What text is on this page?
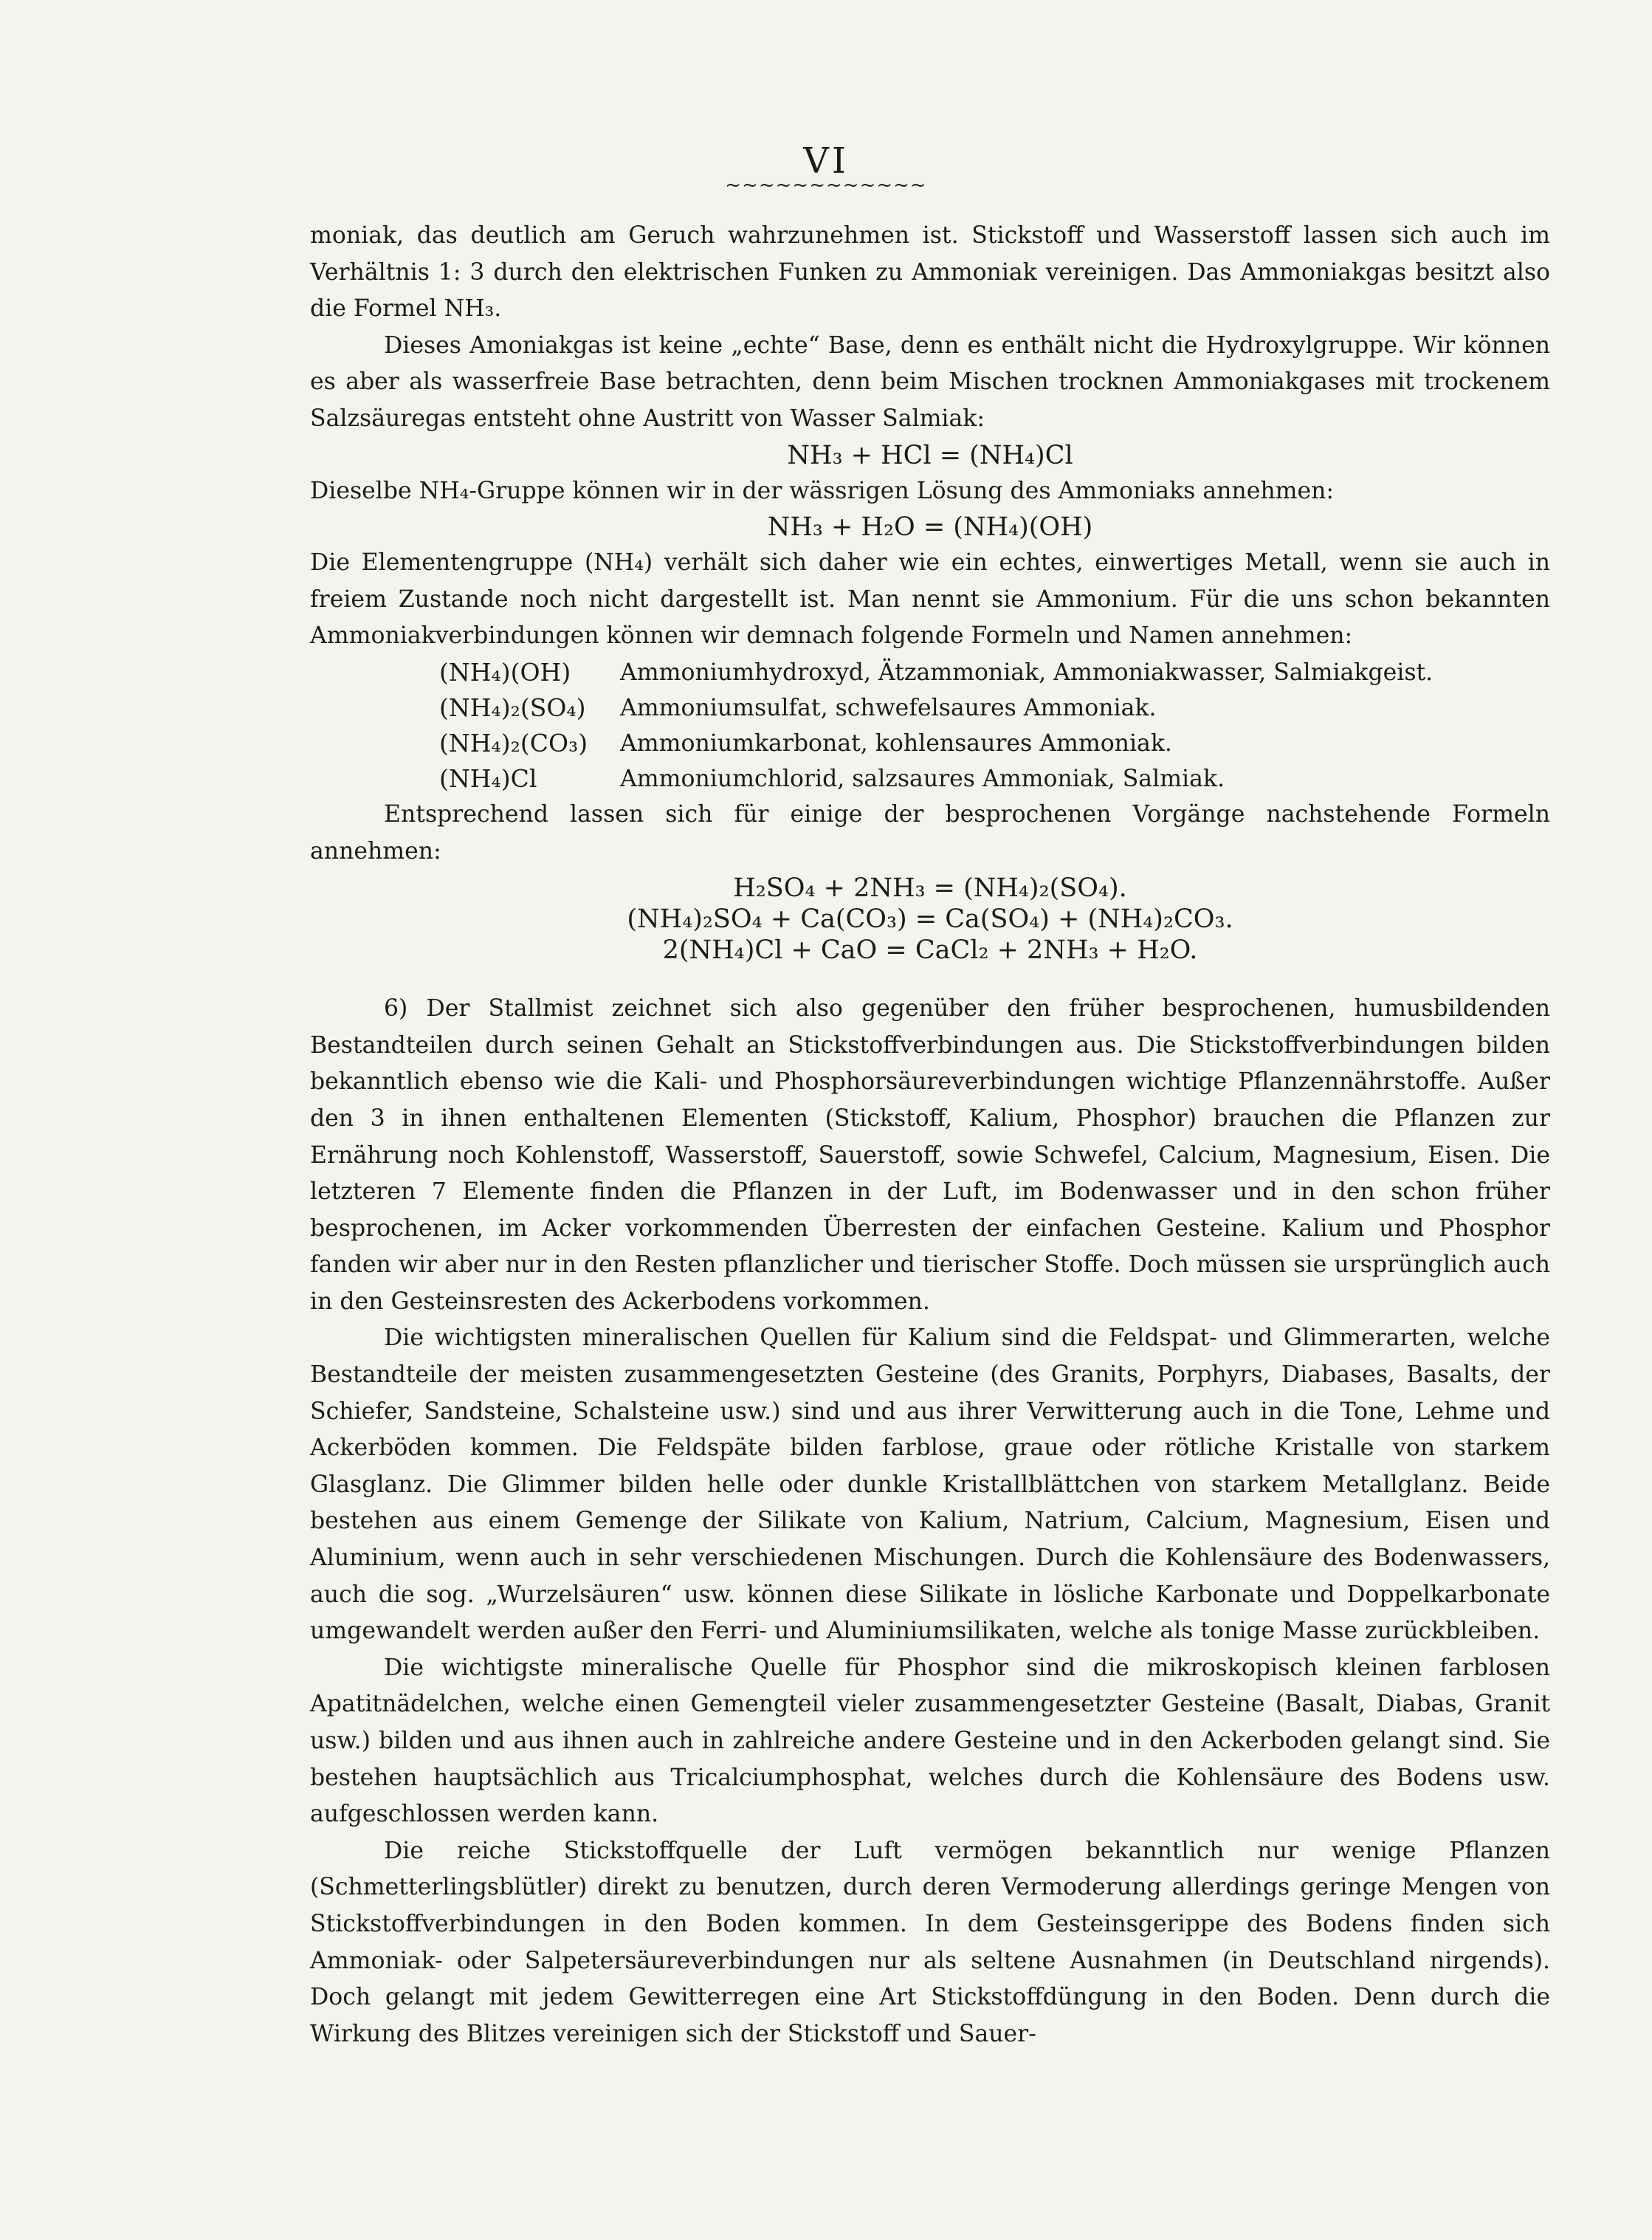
VI
~~~~~~~~~~~~

moniak, das deutlich am Geruch wahrzunehmen ist. Stickstoff und Wasserstoff lassen sich auch im Verhältnis 1: 3 durch den elektrischen Funken zu Ammoniak vereinigen. Das Ammoniakgas besitzt also die Formel NH₃.

Dieses Amoniakgas ist keine „echte“ Base, denn es enthält nicht die Hydroxylgruppe. Wir können es aber als wasserfreie Base betrachten, denn beim Mischen trocknen Ammoniakgases mit trockenem Salzsäuregas entsteht ohne Austritt von Wasser Salmiak:

NH₃ + HCl = (NH₄)Cl

Dieselbe NH₄-Gruppe können wir in der wässrigen Lösung des Ammoniaks annehmen:

NH₃ + H₂O = (NH₄)(OH)

Die Elementengruppe (NH₄) verhält sich daher wie ein echtes, einwertiges Metall, wenn sie auch in freiem Zustande noch nicht dargestellt ist. Man nennt sie Ammonium. Für die uns schon bekannten Ammoniakverbindungen können wir demnach folgende Formeln und Namen annehmen:

(NH₄)(OH)	Ammoniumhydroxyd, Ätzammoniak, Ammoniakwasser, Salmiakgeist.
(NH₄)₂(SO₄)	Ammoniumsulfat, schwefelsaures Ammoniak.
(NH₄)₂(CO₃)	Ammoniumkarbonat, kohlensaures Ammoniak.
(NH₄)Cl	Ammoniumchlorid, salzsaures Ammoniak, Salmiak.

Entsprechend lassen sich für einige der besprochenen Vorgänge nachstehende Formeln annehmen:

H₂SO₄ + 2NH₃ = (NH₄)₂(SO₄).

(NH₄)₂SO₄ + Ca(CO₃) = Ca(SO₄) + (NH₄)₂CO₃.

2(NH₄)Cl + CaO = CaCl₂ + 2NH₃ + H₂O.

6) Der Stallmist zeichnet sich also gegenüber den früher besprochenen, humusbildenden Bestandteilen durch seinen Gehalt an Stickstoffverbindungen aus. Die Stickstoffverbindungen bilden bekanntlich ebenso wie die Kali- und Phosphorsäureverbindungen wichtige Pflanzennährstoffe. Außer den 3 in ihnen enthaltenen Elementen (Stickstoff, Kalium, Phosphor) brauchen die Pflanzen zur Ernährung noch Kohlenstoff, Wasserstoff, Sauerstoff, sowie Schwefel, Calcium, Magnesium, Eisen. Die letzteren 7 Elemente finden die Pflanzen in der Luft, im Bodenwasser und in den schon früher besprochenen, im Acker vorkommenden Überresten der einfachen Gesteine. Kalium und Phosphor fanden wir aber nur in den Resten pflanzlicher und tierischer Stoffe. Doch müssen sie ursprünglich auch in den Gesteinsresten des Ackerbodens vorkommen.

Die wichtigsten mineralischen Quellen für Kalium sind die Feldspat- und Glimmerarten, welche Bestandteile der meisten zusammengesetzten Gesteine (des Granits, Porphyrs, Diabases, Basalts, der Schiefer, Sandsteine, Schalsteine usw.) sind und aus ihrer Verwitterung auch in die Tone, Lehme und Ackerböden kommen. Die Feldspäte bilden farblose, graue oder rötliche Kristalle von starkem Glasglanz. Die Glimmer bilden helle oder dunkle Kristallblättchen von starkem Metallglanz. Beide bestehen aus einem Gemenge der Silikate von Kalium, Natrium, Calcium, Magnesium, Eisen und Aluminium, wenn auch in sehr verschiedenen Mischungen. Durch die Kohlensäure des Bodenwassers, auch die sog. „Wurzelsäuren“ usw. können diese Silikate in lösliche Karbonate und Doppelkarbonate umgewandelt werden außer den Ferri- und Aluminiumsilikaten, welche als tonige Masse zurückbleiben.

Die wichtigste mineralische Quelle für Phosphor sind die mikroskopisch kleinen farblosen Apatitnädelchen, welche einen Gemengteil vieler zusammengesetzter Gesteine (Basalt, Diabas, Granit usw.) bilden und aus ihnen auch in zahlreiche andere Gesteine und in den Ackerboden gelangt sind. Sie bestehen hauptsächlich aus Tricalciumphosphat, welches durch die Kohlensäure des Bodens usw. aufgeschlossen werden kann.

Die reiche Stickstoffquelle der Luft vermögen bekanntlich nur wenige Pflanzen (Schmetterlingsblütler) direkt zu benutzen, durch deren Vermoderung allerdings geringe Mengen von Stickstoffverbindungen in den Boden kommen. In dem Gesteinsgerippe des Bodens finden sich Ammoniak- oder Salpetersäureverbindungen nur als seltene Ausnahmen (in Deutschland nirgends). Doch gelangt mit jedem Gewitterregen eine Art Stickstoffdüngung in den Boden. Denn durch die Wirkung des Blitzes vereinigen sich der Stickstoff und Sauer-
